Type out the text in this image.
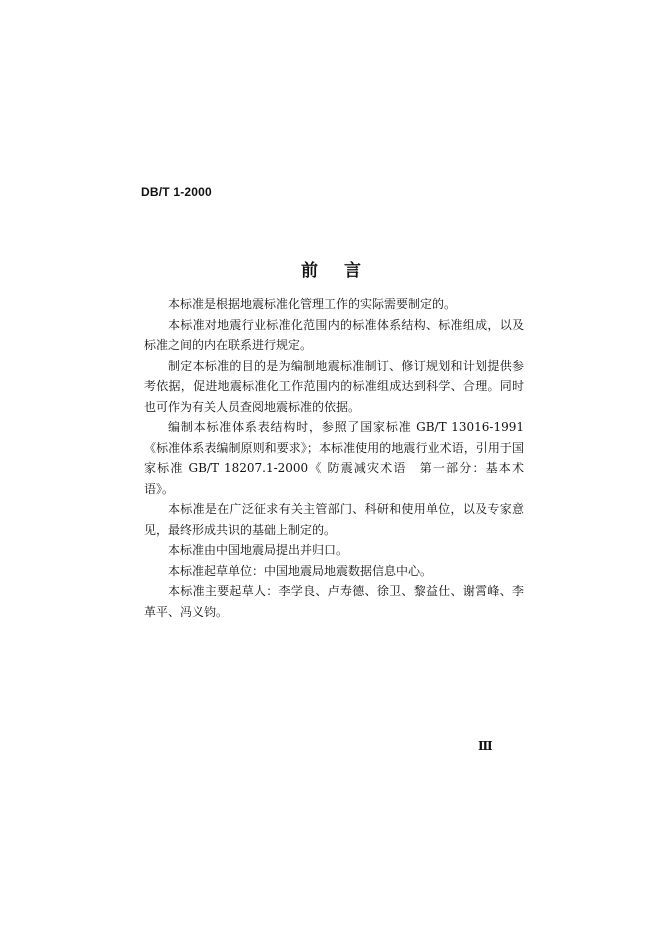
DB/T 1-2000
前言

本标准是根据地震标准化管理工作的实际需要制定的。

本标准对地震行业标准化范围内的标准体系结构、标准组成，以及标准之间的内在联系进行规定。

制定本标准的目的是为编制地震标准制订、修订规划和计划提供参考依据，促进地震标准化工作范围内的标准组成达到科学、合理。同时也可作为有关人员查阅地震标准的依据。

编制本标准体系表结构时，参照了国家标准 GB/T 13016-1991《标准体系表编制原则和要求》；本标准使用的地震行业术语，引用于国家标准 GB/T 18207.1-2000《 防震减灾术语　第一部分：基本术语》。

本标准是在广泛征求有关主管部门、科研和使用单位，以及专家意见，最终形成共识的基础上制定的。

本标准由中国地震局提出并归口。

本标准起草单位：中国地震局地震数据信息中心。

本标准主要起草人：李学良、卢寿德、徐卫、黎益仕、谢霄峰、李革平、冯义钧。

Ⅲ
